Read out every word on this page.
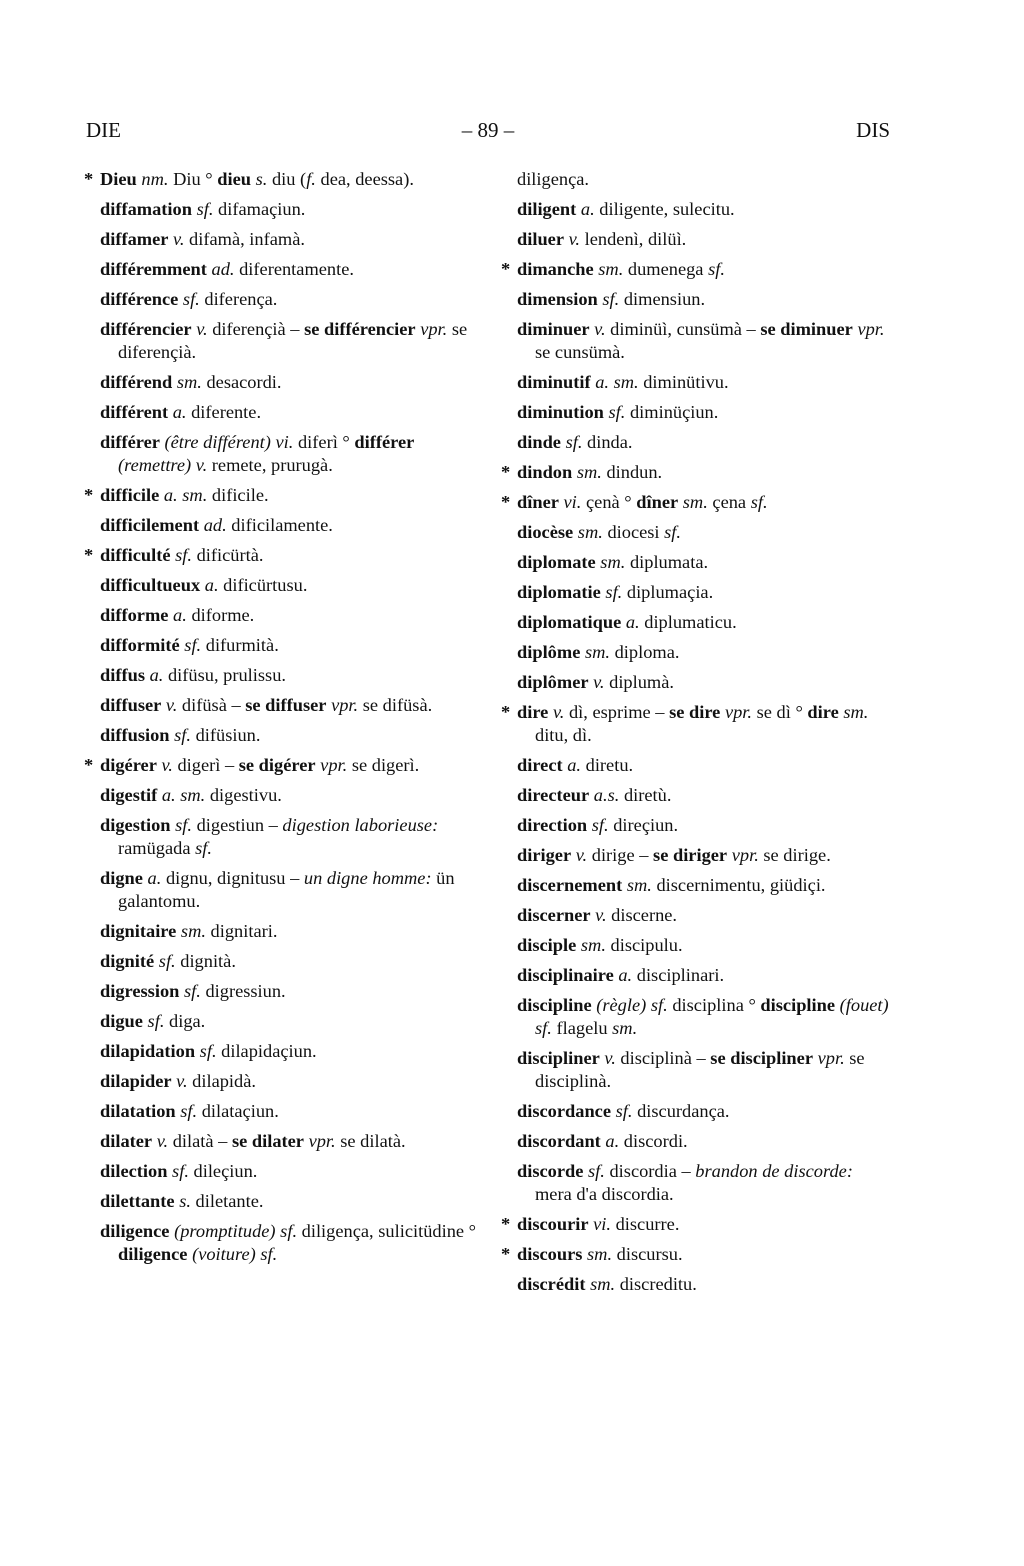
DIE	– 89 –	DIS
* Dieu nm. Diu ° dieu s. diu (f. dea, deessa).
diffamation sf. difamaçiun.
diffamer v. difamà, infamà.
différemment ad. diferentamente.
différence sf. diferença.
différencier v. diferençià – se différencier vpr. se diferençià.
différend sm. desacordi.
différent a. diferente.
différer (être différent) vi. diferì ° différer (remettre) v. remete, prurugà.
* difficile a. sm. dificile.
difficilement ad. dificilamente.
* difficulté sf. dificürtà.
difficultueux a. dificürtusu.
difforme a. diforme.
difformité sf. difurmità.
diffus a. difüsu, prulissu.
diffuser v. difüsà – se diffuser vpr. se difüsà.
diffusion sf. difüsiun.
* digérer v. digerì – se digérer vpr. se digerì.
digestif a. sm. digestivu.
digestion sf. digestiun – digestion laborieuse: ramügada sf.
digne a. dignu, dignitusu – un digne homme: ün galantomu.
dignitaire sm. dignitari.
dignité sf. dignità.
digression sf. digressiun.
digue sf. diga.
dilapidation sf. dilapidaçiun.
dilapider v. dilapidà.
dilatation sf. dilataçiun.
dilater v. dilatà – se dilater vpr. se dilatà.
dilection sf. dileçiun.
dilettante s. diletante.
diligence (promptitude) sf. diligença, sulicitüdine ° diligence (voiture) sf.
diligença.
diligent a. diligente, sulecitu.
diluer v. lendenì, dilüì.
* dimanche sm. dumenega sf.
dimension sf. dimensiun.
diminuer v. diminüì, cunsümà – se diminuer vpr. se cunsümà.
diminutif a. sm. diminütivu.
diminution sf. diminüçiun.
dinde sf. dinda.
* dindon sm. dindun.
* dîner vi. çenà ° dîner sm. çena sf.
diocèse sm. diocesi sf.
diplomate sm. diplumata.
diplomatie sf. diplumaçia.
diplomatique a. diplumaticu.
diplôme sm. diploma.
diplômer v. diplumà.
* dire v. dì, esprime – se dire vpr. se dì ° dire sm. ditu, dì.
direct a. diretu.
directeur a.s. diretù.
direction sf. direçiun.
diriger v. dirige – se diriger vpr. se dirige.
discernement sm. discernimentu, giüdiçi.
discerner v. discerne.
disciple sm. discipulu.
disciplinaire a. disciplinari.
discipline (règle) sf. disciplina ° discipline (fouet) sf. flagelu sm.
discipliner v. disciplinà – se discipliner vpr. se disciplinà.
discordance sf. discurdança.
discordant a. discordi.
discorde sf. discordia – brandon de discorde: mera d'a discordia.
* discourir vi. discurre.
* discours sm. discursu.
discrédit sm. discreditu.
